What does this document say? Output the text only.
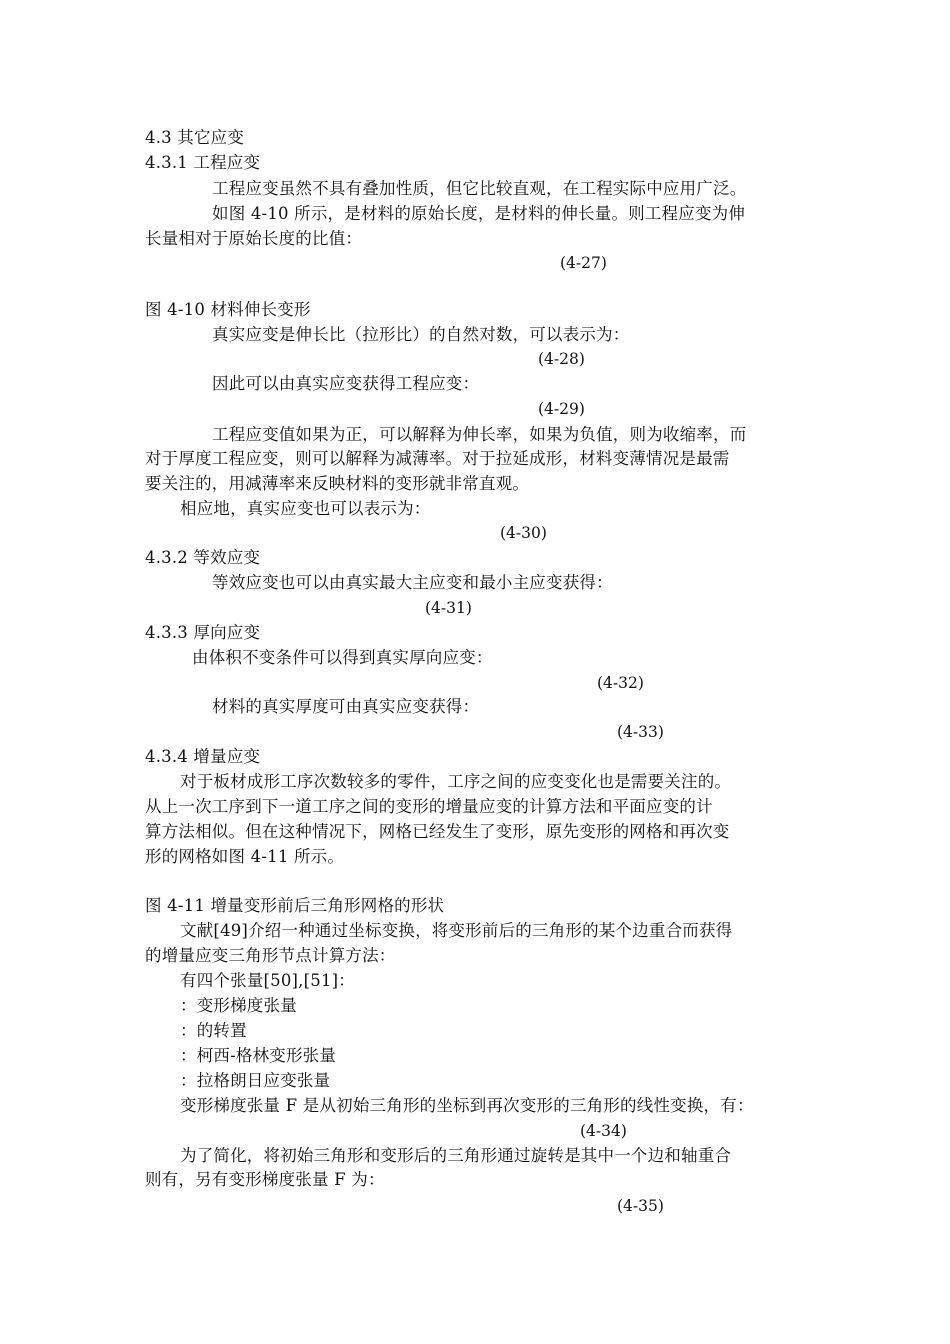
4.3 其它应变
4.3.1 工程应变
工程应变虽然不具有叠加性质，但它比较直观，在工程实际中应用广泛。
如图 4-10 所示，是材料的原始长度，是材料的伸长量。则工程应变为伸
长量相对于原始长度的比值：
(4-27)
图 4-10 材料伸长变形
真实应变是伸长比（拉形比）的自然对数，可以表示为：
(4-28)
因此可以由真实应变获得工程应变：
(4-29)
工程应变值如果为正，可以解释为伸长率，如果为负值，则为收缩率，而
对于厚度工程应变，则可以解释为减薄率。对于拉延成形，材料变薄情况是最需
要关注的，用减薄率来反映材料的变形就非常直观。
相应地，真实应变也可以表示为：
(4-30)
4.3.2 等效应变
等效应变也可以由真实最大主应变和最小主应变获得：
(4-31)
4.3.3 厚向应变
由体积不变条件可以得到真实厚向应变：
(4-32)
材料的真实厚度可由真实应变获得：
(4-33)
4.3.4 增量应变
对于板材成形工序次数较多的零件，工序之间的应变变化也是需要关注的。
从上一次工序到下一道工序之间的变形的增量应变的计算方法和平面应变的计
算方法相似。但在这种情况下，网格已经发生了变形，原先变形的网格和再次变
形的网格如图 4-11 所示。
图 4-11 增量变形前后三角形网格的形状
文献[49]介绍一种通过坐标变换，将变形前后的三角形的某个边重合而获得
的增量应变三角形节点计算方法：
有四个张量[50],[51]：
：变形梯度张量
：的转置
：柯西-格林变形张量
：拉格朗日应变张量
变形梯度张量 F 是从初始三角形的坐标到再次变形的三角形的线性变换，有：
(4-34)
为了简化，将初始三角形和变形后的三角形通过旋转是其中一个边和轴重合
则有，另有变形梯度张量 F 为：
(4-35)
